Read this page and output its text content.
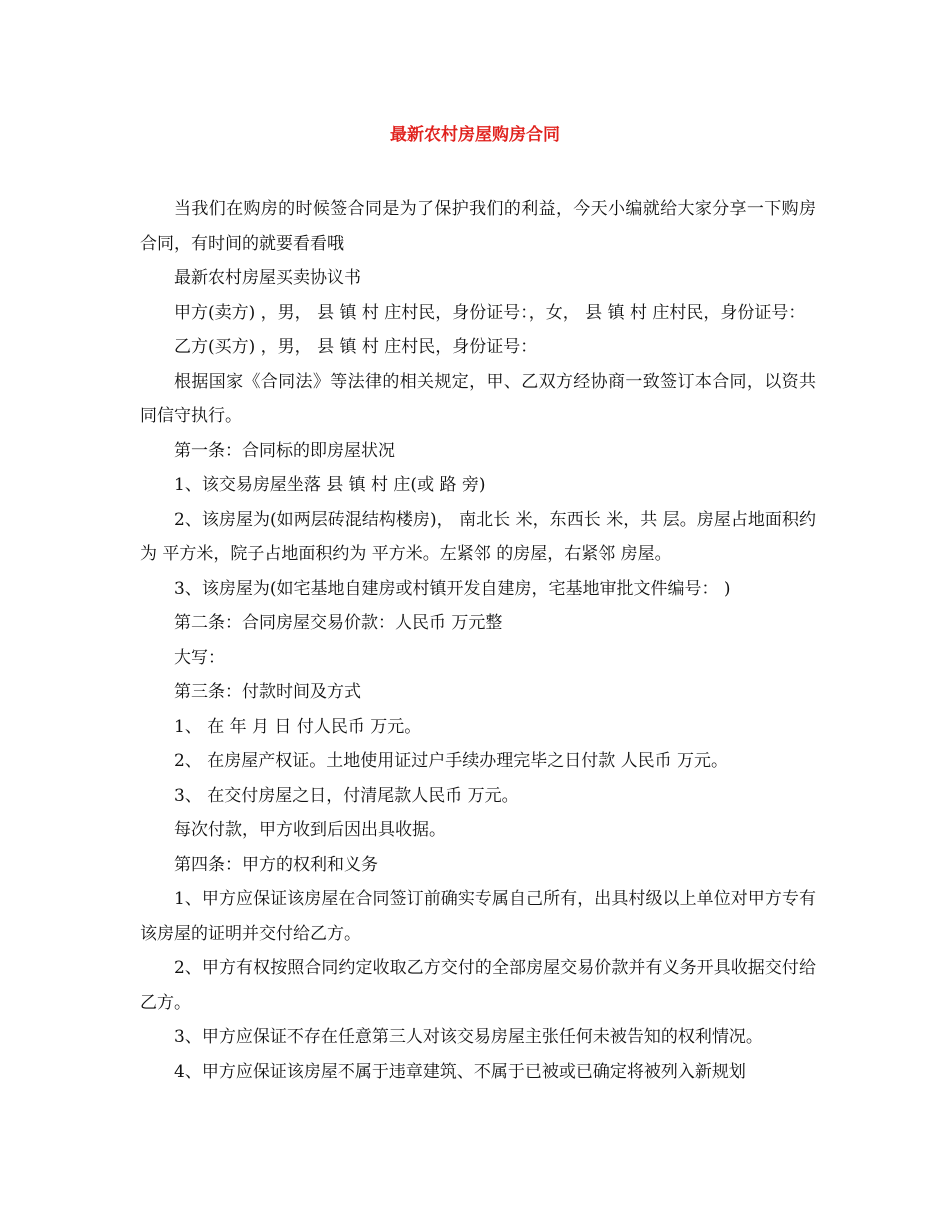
最新农村房屋购房合同

当我们在购房的时候签合同是为了保护我们的利益，今天小编就给大家分享一下购房合同，有时间的就要看看哦

最新农村房屋买卖协议书

甲方(卖方) ，男， 县 镇 村 庄村民，身份证号：，女， 县 镇 村 庄村民，身份证号：

乙方(买方) ，男， 县 镇 村 庄村民，身份证号：

根据国家《合同法》等法律的相关规定，甲、乙双方经协商一致签订本合同，以资共同信守执行。

第一条：合同标的即房屋状况

1、该交易房屋坐落 县 镇 村 庄(或 路 旁)

2、该房屋为(如两层砖混结构楼房)， 南北长 米，东西长 米，共 层。房屋占地面积约为 平方米，院子占地面积约为 平方米。左紧邻 的房屋，右紧邻 房屋。

3、该房屋为(如宅基地自建房或村镇开发自建房，宅基地审批文件编号： )

第二条：合同房屋交易价款：人民币 万元整

大写：

第三条：付款时间及方式

1、 在 年 月 日 付人民币 万元。

2、 在房屋产权证。土地使用证过户手续办理完毕之日付款 人民币 万元。

3、 在交付房屋之日，付清尾款人民币 万元。

每次付款，甲方收到后因出具收据。

第四条：甲方的权利和义务

1、甲方应保证该房屋在合同签订前确实专属自己所有，出具村级以上单位对甲方专有该房屋的证明并交付给乙方。

2、甲方有权按照合同约定收取乙方交付的全部房屋交易价款并有义务开具收据交付给乙方。

3、甲方应保证不存在任意第三人对该交易房屋主张任何未被告知的权利情况。

4、甲方应保证该房屋不属于违章建筑、不属于已被或已确定将被列入新规划
